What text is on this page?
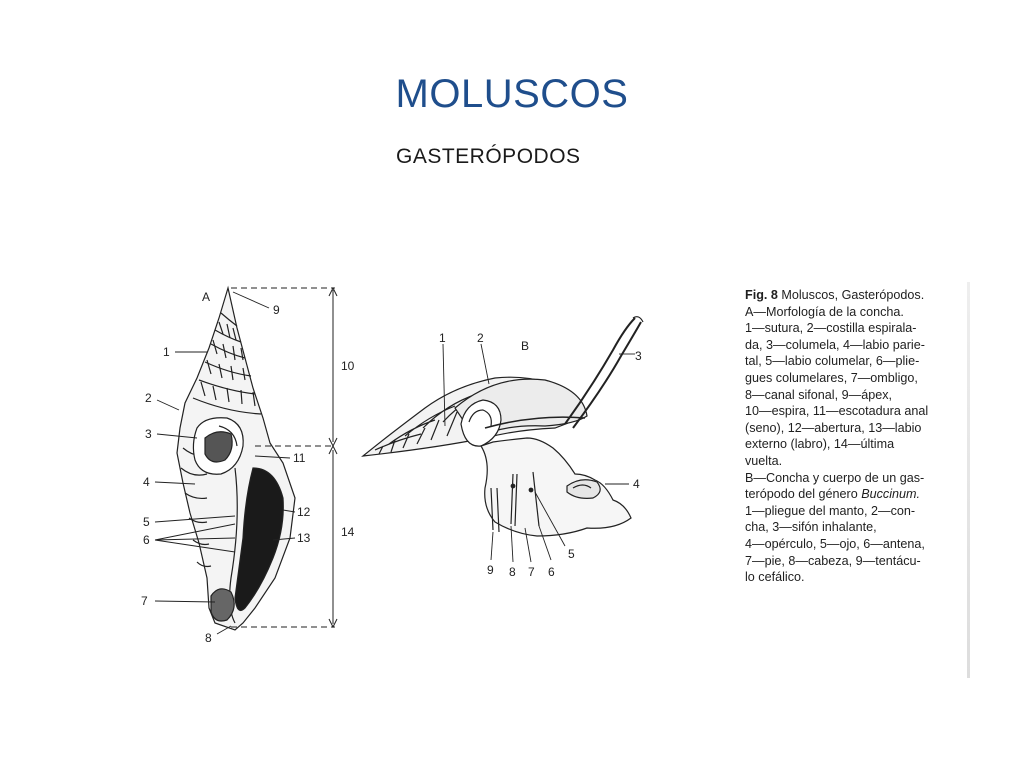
MOLUSCOS
GASTERÓPODOS
A
9
1
10
2
3
11
4
12
5
6	13	14
7
8
B
1	2
3
4
5
9 8 7 6
Fig. 8 Moluscos, Gasterópodos.
A—Morfología de la concha.
1—sutura, 2—costilla espirala-
da, 3—columela, 4—labio parie-
tal, 5—labio columelar, 6—plie-
gues columelares, 7—ombligo,
8—canal sifonal, 9—ápex,
10—espira, 11—escotadura anal
(seno), 12—abertura, 13—labio
externo (labro), 14—última
vuelta.
B—Concha y cuerpo de un gas-
terópodo del género Buccinum.
1—pliegue del manto, 2—con-
cha, 3—sifón inhalante,
4—opérculo, 5—ojo, 6—antena,
7—pie, 8—cabeza, 9—tentácu-
lo cefálico.
